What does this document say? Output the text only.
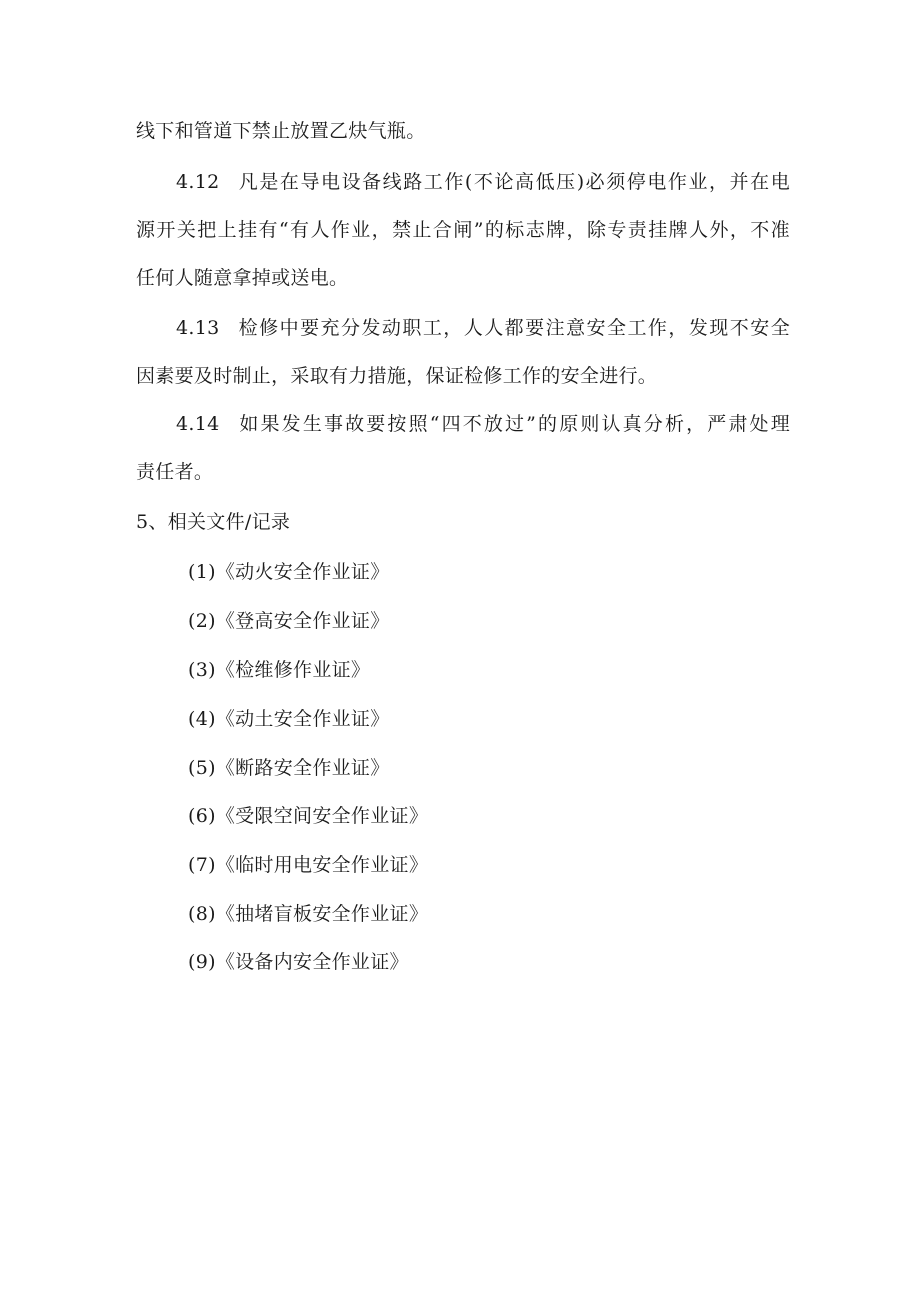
线下和管道下禁止放置乙炔气瓶。
4.12 凡是在导电设备线路工作(不论高低压)必须停电作业，并在电
源开关把上挂有“有人作业，禁止合闸”的标志牌，除专责挂牌人外，不准
任何人随意拿掉或送电。
4.13 检修中要充分发动职工，人人都要注意安全工作，发现不安全
因素要及时制止，采取有力措施，保证检修工作的安全进行。
4.14 如果发生事故要按照“四不放过”的原则认真分析，严肃处理
责任者。
5、相关文件/记录
(1)《动火安全作业证》
(2)《登高安全作业证》
(3)《检维修作业证》
(4)《动土安全作业证》
(5)《断路安全作业证》
(6)《受限空间安全作业证》
(7)《临时用电安全作业证》
(8)《抽堵盲板安全作业证》
(9)《设备内安全作业证》
